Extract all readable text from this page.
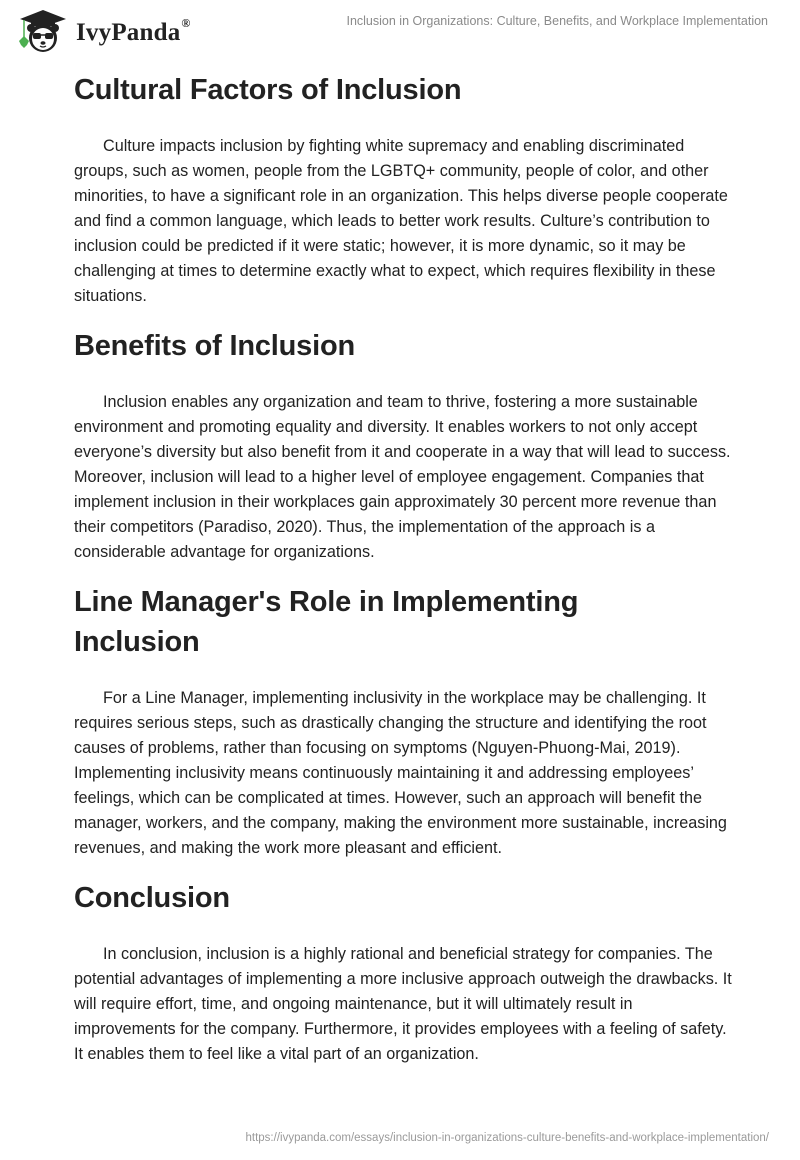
IvyPanda®	Inclusion in Organizations: Culture, Benefits, and Workplace Implementation
Cultural Factors of Inclusion

Culture impacts inclusion by fighting white supremacy and enabling discriminated groups, such as women, people from the LGBTQ+ community, people of color, and other minorities, to have a significant role in an organization. This helps diverse people cooperate and find a common language, which leads to better work results. Culture’s contribution to inclusion could be predicted if it were static; however, it is more dynamic, so it may be challenging at times to determine exactly what to expect, which requires flexibility in these situations.

Benefits of Inclusion

Inclusion enables any organization and team to thrive, fostering a more sustainable environment and promoting equality and diversity. It enables workers to not only accept everyone’s diversity but also benefit from it and cooperate in a way that will lead to success. Moreover, inclusion will lead to a higher level of employee engagement. Companies that implement inclusion in their workplaces gain approximately 30 percent more revenue than their competitors (Paradiso, 2020). Thus, the implementation of the approach is a considerable advantage for organizations.

Line Manager's Role in Implementing Inclusion

For a Line Manager, implementing inclusivity in the workplace may be challenging. It requires serious steps, such as drastically changing the structure and identifying the root causes of problems, rather than focusing on symptoms (Nguyen-Phuong-Mai, 2019). Implementing inclusivity means continuously maintaining it and addressing employees’ feelings, which can be complicated at times. However, such an approach will benefit the manager, workers, and the company, making the environment more sustainable, increasing revenues, and making the work more pleasant and efficient.

Conclusion

In conclusion, inclusion is a highly rational and beneficial strategy for companies. The potential advantages of implementing a more inclusive approach outweigh the drawbacks. It will require effort, time, and ongoing maintenance, but it will ultimately result in improvements for the company. Furthermore, it provides employees with a feeling of safety. It enables them to feel like a vital part of an organization.

https://ivypanda.com/essays/inclusion-in-organizations-culture-benefits-and-workplace-implementation/
